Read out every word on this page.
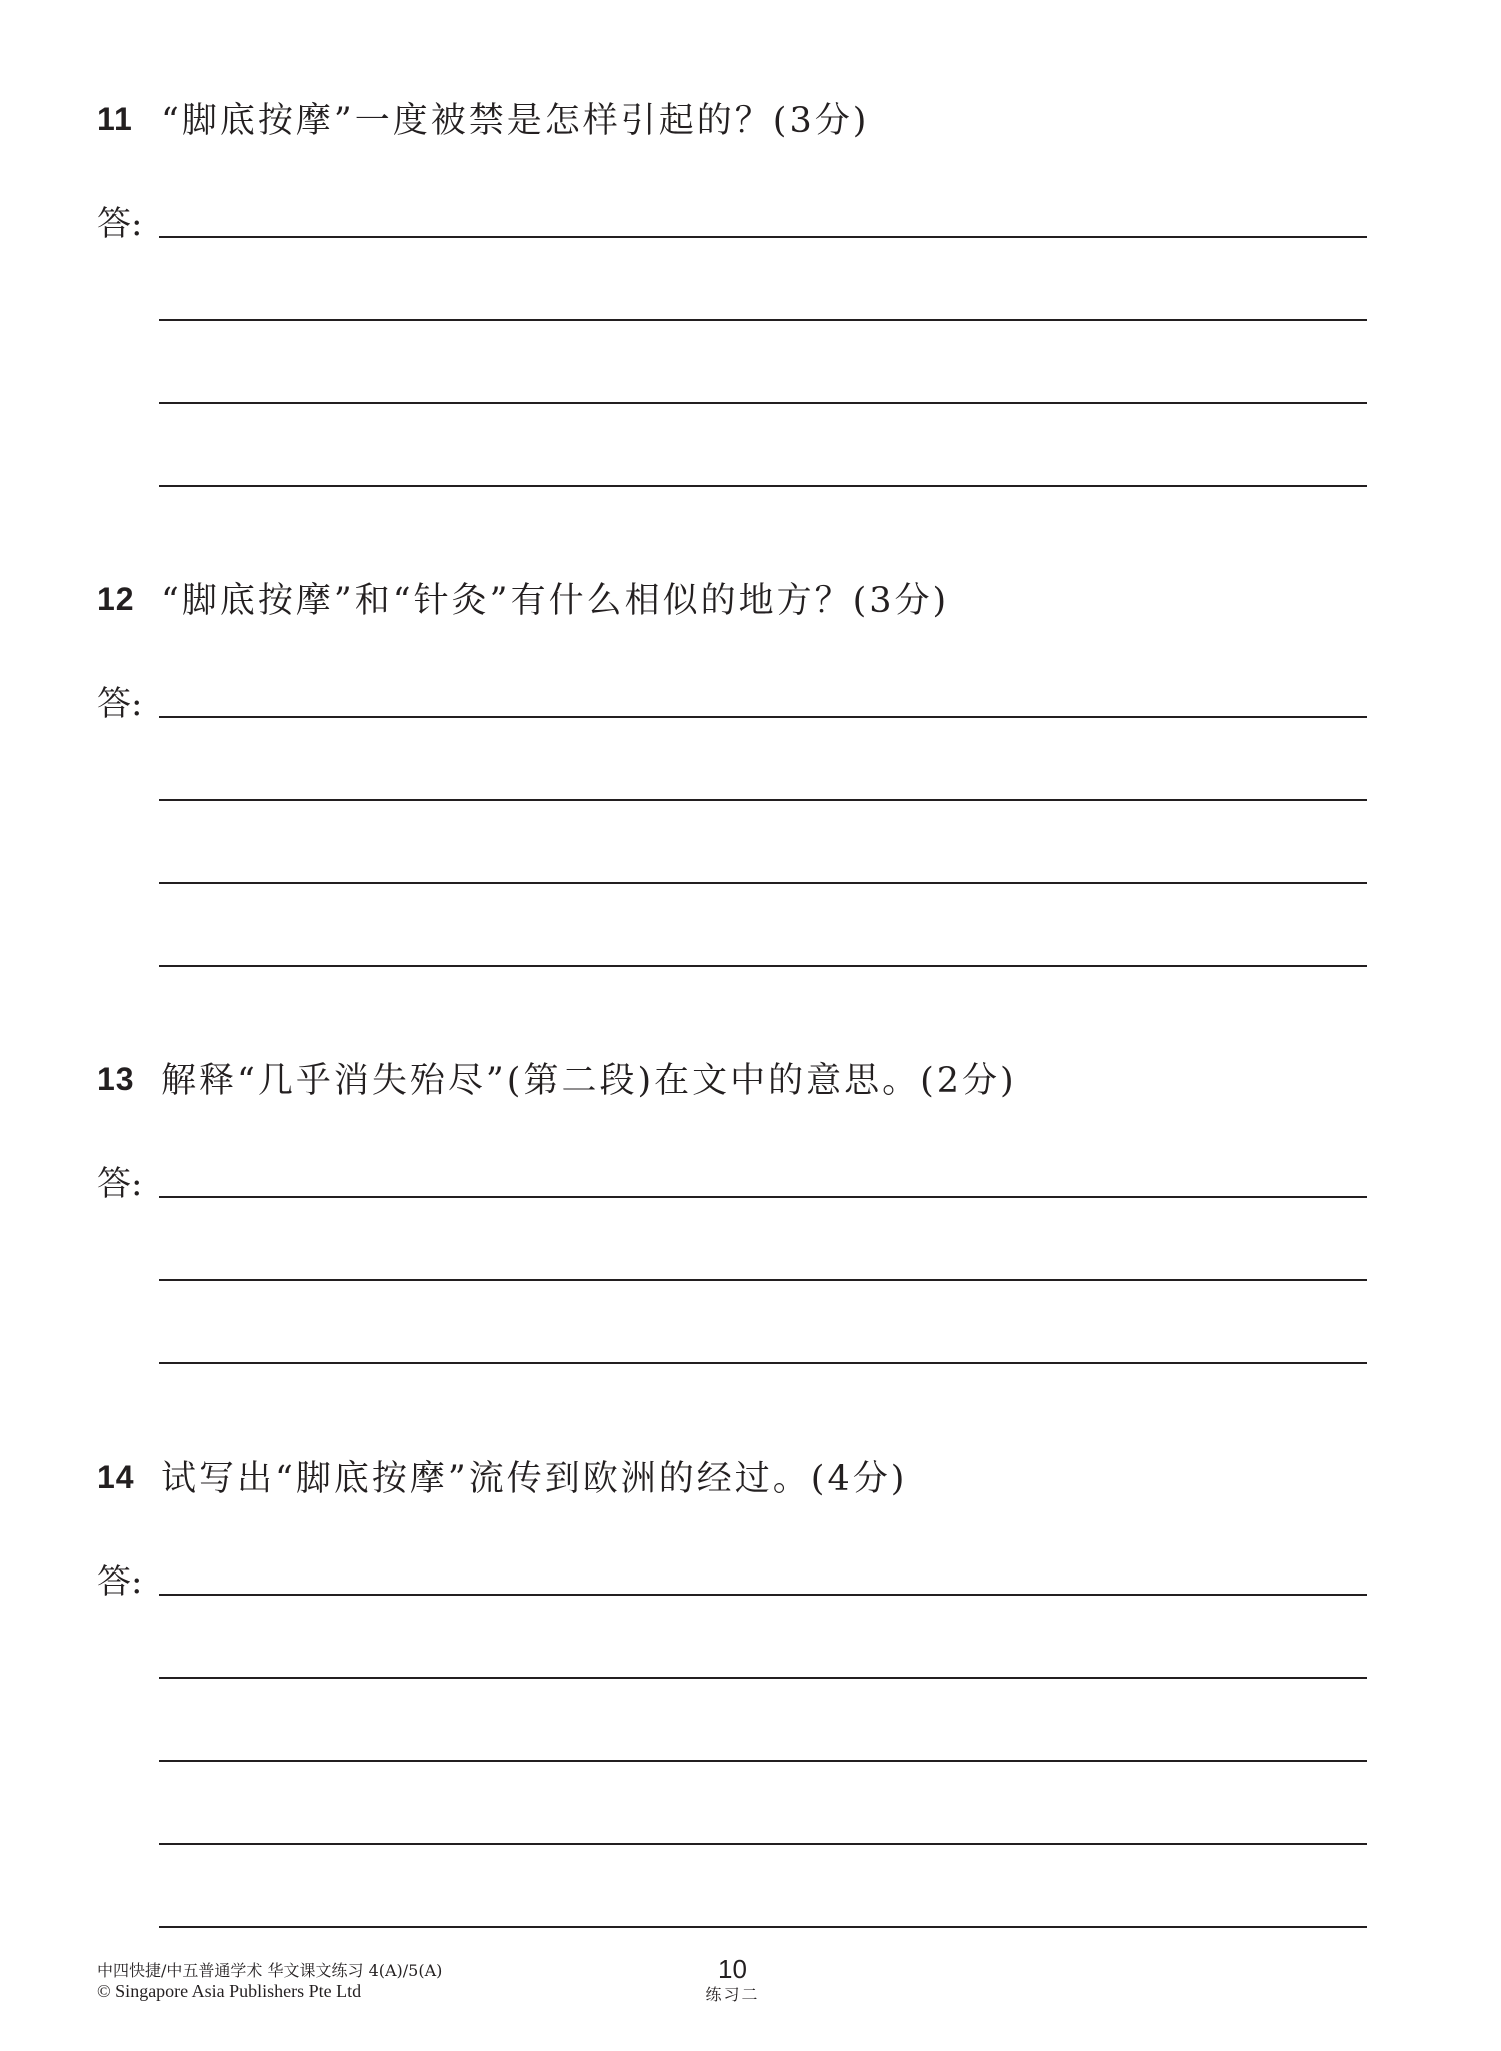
11 “脚底按摩”一度被禁是怎样引起的？(3分)
答:
12 “脚底按摩”和“针灸”有什么相似的地方？(3分)
答:
13 解释“几乎消失殆尽”(第二段)在文中的意思。(2分)
答:
14 试写出“脚底按摩”流传到欧洲的经过。(4分)
答:
中四快捷/中五普通学术 华文课文练习 4(A)/5(A)
© Singapore Asia Publishers Pte Ltd
10
练习二
